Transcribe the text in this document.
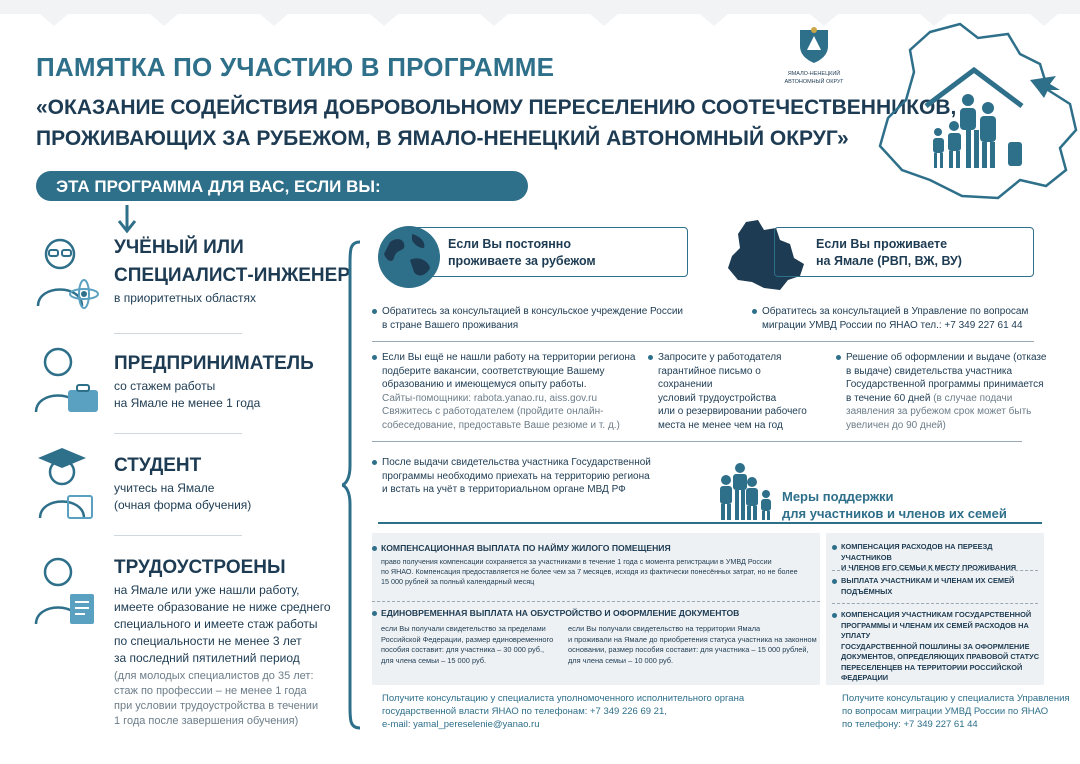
ПАМЯТКА ПО УЧАСТИЮ В ПРОГРАММЕ
«ОКАЗАНИЕ СОДЕЙСТВИЯ ДОБРОВОЛЬНОМУ ПЕРЕСЕЛЕНИЮ СООТЕЧЕСТВЕННИКОВ,
ПРОЖИВАЮЩИХ ЗА РУБЕЖОМ, В ЯМАЛО-НЕНЕЦКИЙ АВТОНОМНЫЙ ОКРУГ»
ЯМАЛО-НЕНЕЦКИЙ
АВТОНОМНЫЙ ОКРУГ
ЭТА ПРОГРАММА ДЛЯ ВАС, ЕСЛИ ВЫ:
УЧЁНЫЙ ИЛИ
СПЕЦИАЛИСТ-ИНЖЕНЕР
в приоритетных областях
ПРЕДПРИНИМАТЕЛЬ
со стажем работы
на Ямале не менее 1 года
СТУДЕНТ
учитесь на Ямале
(очная форма обучения)
ТРУДОУСТРОЕНЫ
на Ямале или уже нашли работу,
имеете образование не ниже среднего
специального и имеете стаж работы
по специальности не менее 3 лет
за последний пятилетний период
(для молодых специалистов до 35 лет:
стаж по профессии – не менее 1 года
при условии трудоустройства в течении
1 года после завершения обучения)
Если Вы постоянно
проживаете за рубежом
Если Вы проживаете
на Ямале (РВП, ВЖ, ВУ)
Обратитесь за консультацией в консульское учреждение России
в стране Вашего проживания
Обратитесь за консультацией в Управление по вопросам
миграции УМВД России по ЯНАО тел.: +7 349 227 61 44
Если Вы ещё не нашли работу на территории региона
подберите вакансии, соответствующие Вашему
образованию и имеющемуся опыту работы.
Сайты-помощники: rabota.yanao.ru, aiss.gov.ru
Свяжитесь с работодателем (пройдите онлайн-
собеседование, предоставьте Ваше резюме и т. д.)
Запросите у работодателя
гарантийное письмо о сохранении
условий трудоустройства
или о резервировании рабочего
места не менее чем на год
Решение об оформлении и выдаче (отказе
в выдаче) свидетельства участника
Государственной программы принимается
в течение 60 дней (в случае подачи
заявления за рубежом срок может быть
увеличен до 90 дней)
После выдачи свидетельства участника Государственной
программы необходимо приехать на территорию региона
и встать на учёт в территориальном органе МВД РФ	Меры поддержки
для участников и членов их семей
КОМПЕНСАЦИОННАЯ ВЫПЛАТА ПО НАЙМУ ЖИЛОГО ПОМЕЩЕНИЯ
право получения компенсации сохраняется за участниками в течение 1 года с момента регистрации в УМВД России
по ЯНАО. Компенсация предоставляется не более чем за 7 месяцев, исходя из фактически понесённых затрат, но не более
15 000 рублей за полный календарный месяц
ЕДИНОВРЕМЕННАЯ ВЫПЛАТА НА ОБУСТРОЙСТВО И ОФОРМЛЕНИЕ ДОКУМЕНТОВ
если Вы получали свидетельство за пределами
Российской Федерации, размер единовременного
пособия составит: для участника – 30 000 руб.,
для члена семьи – 15 000 руб.
если Вы получали свидетельство на территории Ямала
и проживали на Ямале до приобретения статуса участника на законном
основании, размер пособия составит: для участника – 15 000 рублей,
для члена семьи – 10 000 руб.
Получите консультацию у специалиста уполномоченного исполнительного органа
государственной власти ЯНАО по телефонам: +7 349 226 69 21,
e-mail: yamal_pereselenie@yanao.ru
КОМПЕНСАЦИЯ РАСХОДОВ НА ПЕРЕЕЗД УЧАСТНИКОВ
И ЧЛЕНОВ ЕГО СЕМЬИ К МЕСТУ ПРОЖИВАНИЯ
ВЫПЛАТА УЧАСТНИКАМ И ЧЛЕНАМ ИХ СЕМЕЙ
ПОДЪЁМНЫХ
КОМПЕНСАЦИЯ УЧАСТНИКАМ ГОСУДАРСТВЕННОЙ
ПРОГРАММЫ И ЧЛЕНАМ ИХ СЕМЕЙ РАСХОДОВ НА УПЛАТУ
ГОСУДАРСТВЕННОЙ ПОШЛИНЫ ЗА ОФОРМЛЕНИЕ
ДОКУМЕНТОВ, ОПРЕДЕЛЯЮЩИХ ПРАВОВОЙ СТАТУС
ПЕРЕСЕЛЕНЦЕВ НА ТЕРРИТОРИИ РОССИЙСКОЙ
ФЕДЕРАЦИИ
Получите консультацию у специалиста Управления
по вопросам миграции УМВД России по ЯНАО
по телефону: +7 349 227 61 44
